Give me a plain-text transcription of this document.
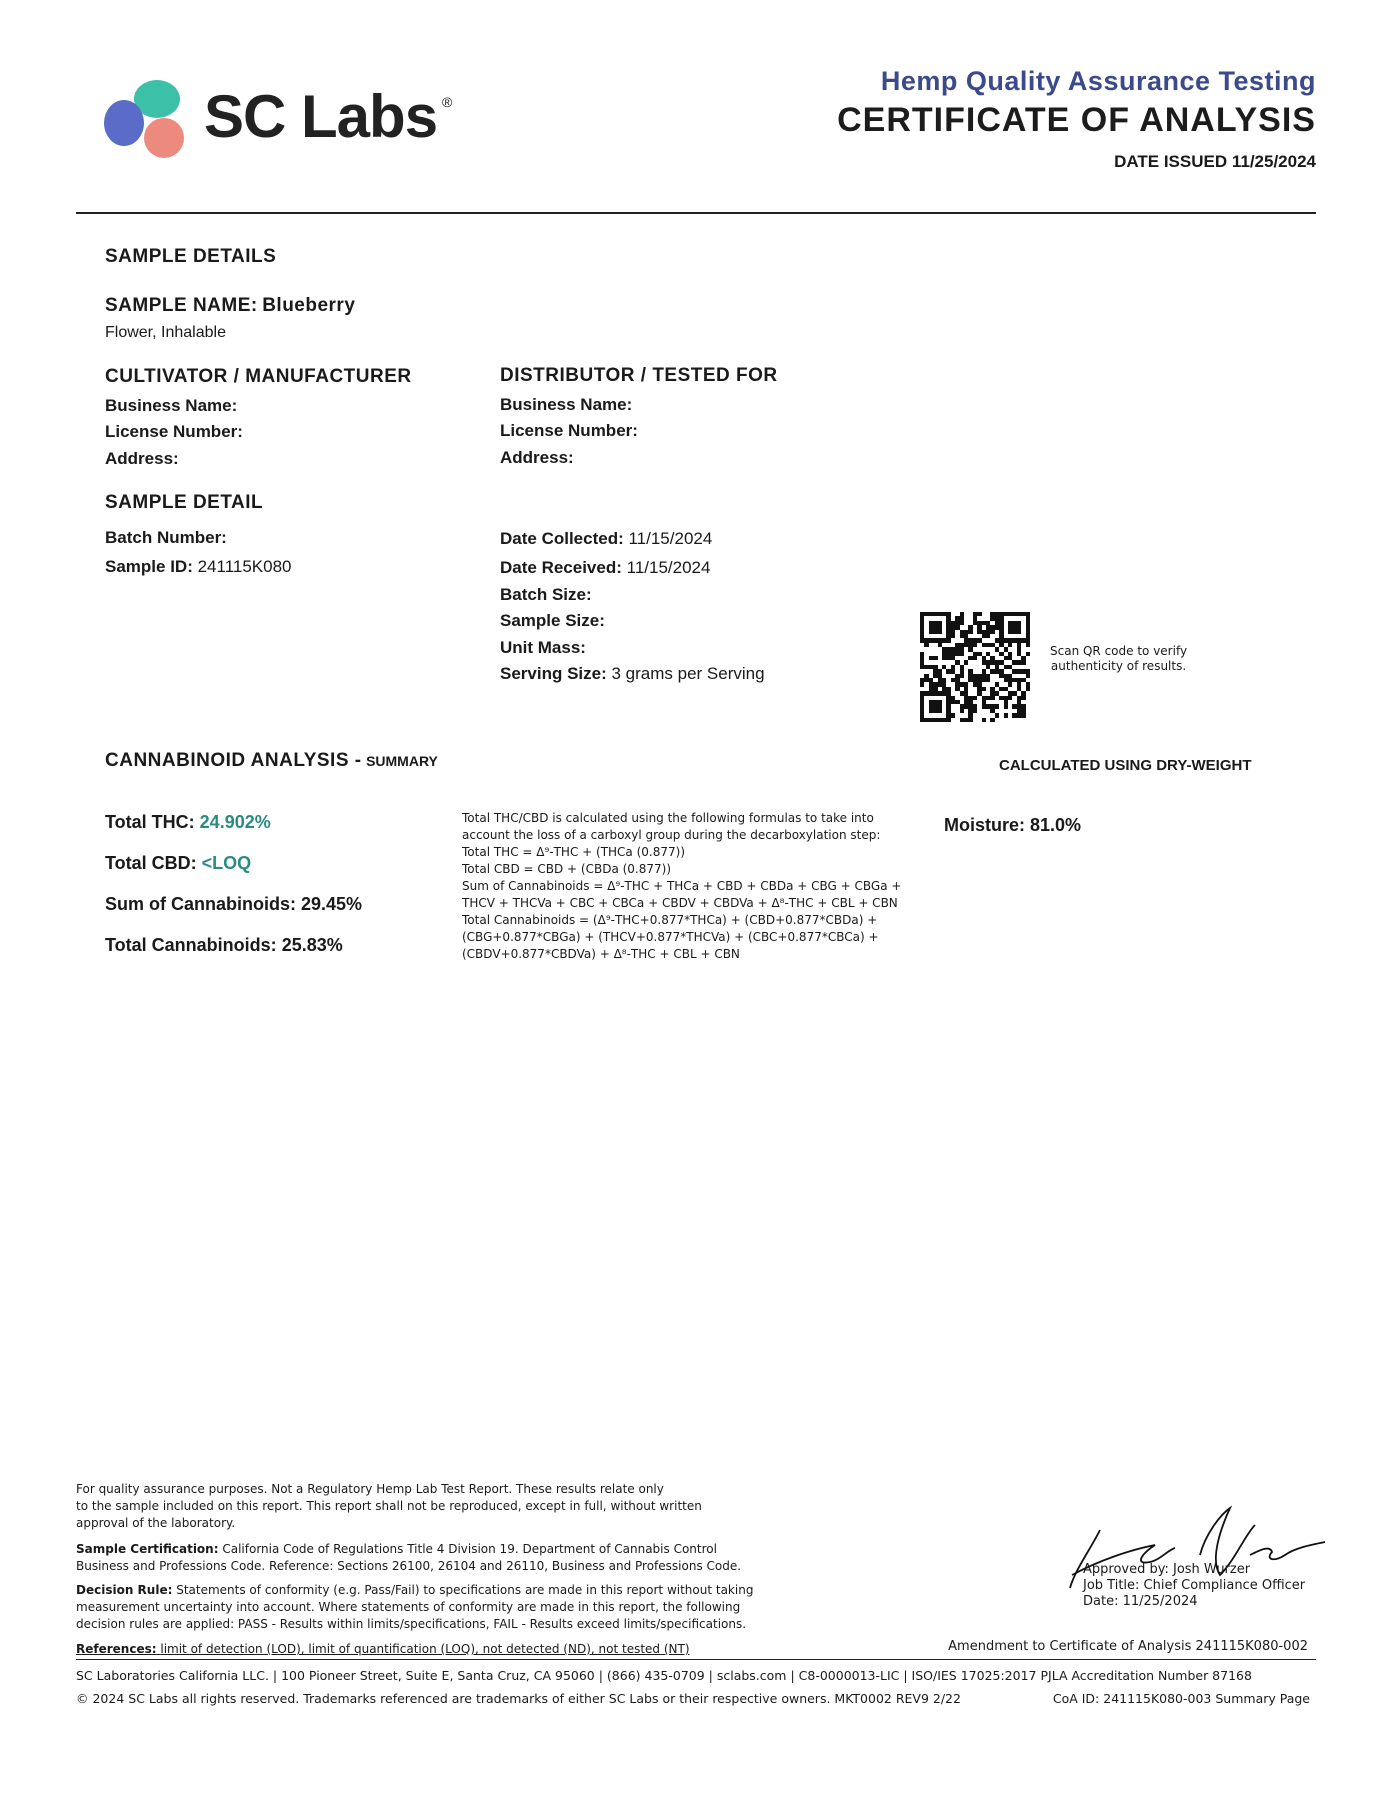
SC Labs ®
Hemp Quality Assurance Testing
CERTIFICATE OF ANALYSIS
DATE ISSUED 11/25/2024
SAMPLE DETAILS
SAMPLE NAME: Blueberry
Flower, Inhalable
CULTIVATOR / MANUFACTURER
Business Name:
License Number:
Address:
DISTRIBUTOR / TESTED FOR
Business Name:
License Number:
Address:
SAMPLE DETAIL
Batch Number:
Sample ID: 241115K080
Date Collected: 11/15/2024
Date Received: 11/15/2024
Batch Size:
Sample Size:
Unit Mass:
Serving Size: 3 grams per Serving
Scan QR code to verify
authenticity of results.
CANNABINOID ANALYSIS - SUMMARY	CALCULATED USING DRY-WEIGHT
Total THC: 24.902%
Total CBD: <LOQ
Sum of Cannabinoids: 29.45%
Total Cannabinoids: 25.83%
Total THC/CBD is calculated using the following formulas to take into
account the loss of a carboxyl group during the decarboxylation step:
Total THC = Δ⁹-THC + (THCa (0.877))
Total CBD = CBD + (CBDa (0.877))
Sum of Cannabinoids = Δ⁹-THC + THCa + CBD + CBDa + CBG + CBGa +
THCV + THCVa + CBC + CBCa + CBDV + CBDVa + Δ⁸-THC + CBL + CBN
Total Cannabinoids = (Δ⁹-THC+0.877*THCa) + (CBD+0.877*CBDa) +
(CBG+0.877*CBGa) + (THCV+0.877*THCVa) + (CBC+0.877*CBCa) +
(CBDV+0.877*CBDVa) + Δ⁸-THC + CBL + CBN
Moisture: 81.0%
For quality assurance purposes. Not a Regulatory Hemp Lab Test Report. These results relate only
to the sample included on this report. This report shall not be reproduced, except in full, without written
approval of the laboratory.
Sample Certification: California Code of Regulations Title 4 Division 19. Department of Cannabis Control
Business and Professions Code. Reference: Sections 26100, 26104 and 26110, Business and Professions Code.
Decision Rule: Statements of conformity (e.g. Pass/Fail) to specifications are made in this report without taking
measurement uncertainty into account. Where statements of conformity are made in this report, the following
decision rules are applied: PASS - Results within limits/specifications, FAIL - Results exceed limits/specifications.
References: limit of detection (LOD), limit of quantification (LOQ), not detected (ND), not tested (NT)
Approved by: Josh Wurzer
Job Title: Chief Compliance Officer
Date: 11/25/2024
Amendment to Certificate of Analysis 241115K080-002
SC Laboratories California LLC. | 100 Pioneer Street, Suite E, Santa Cruz, CA 95060 | (866) 435-0709 | sclabs.com | C8-0000013-LIC | ISO/IES 17025:2017 PJLA Accreditation Number 87168
© 2024 SC Labs all rights reserved. Trademarks referenced are trademarks of either SC Labs or their respective owners. MKT0002 REV9 2/22	CoA ID: 241115K080-003 Summary Page
